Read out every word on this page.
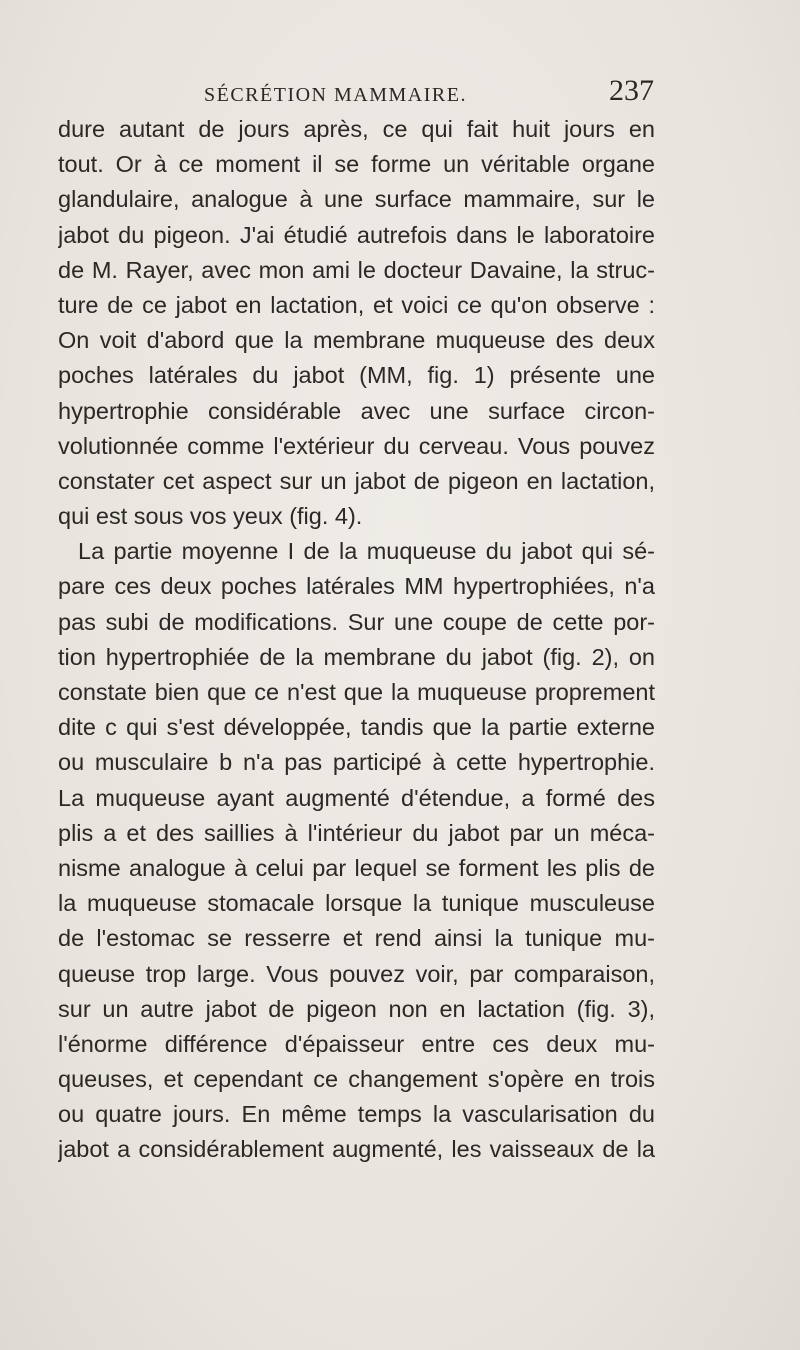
SÉCRÉTION MAMMAIRE.	237
dure autant de jours après, ce qui fait huit jours en
tout. Or à ce moment il se forme un véritable organe
glandulaire, analogue à une surface mammaire, sur le
jabot du pigeon. J'ai étudié autrefois dans le laboratoire
de M. Rayer, avec mon ami le docteur Davaine, la struc-
ture de ce jabot en lactation, et voici ce qu'on observe :
On voit d'abord que la membrane muqueuse des deux
poches latérales du jabot (MM, fig. 1) présente une
hypertrophie considérable avec une surface circon-
volutionnée comme l'extérieur du cerveau. Vous pouvez
constater cet aspect sur un jabot de pigeon en lactation,
qui est sous vos yeux (fig. 4).
La partie moyenne I de la muqueuse du jabot qui sé-
pare ces deux poches latérales MM hypertrophiées, n'a
pas subi de modifications. Sur une coupe de cette por-
tion hypertrophiée de la membrane du jabot (fig. 2), on
constate bien que ce n'est que la muqueuse proprement
dite c qui s'est développée, tandis que la partie externe
ou musculaire b n'a pas participé à cette hypertrophie.
La muqueuse ayant augmenté d'étendue, a formé des
plis a et des saillies à l'intérieur du jabot par un méca-
nisme analogue à celui par lequel se forment les plis de
la muqueuse stomacale lorsque la tunique musculeuse
de l'estomac se resserre et rend ainsi la tunique mu-
queuse trop large. Vous pouvez voir, par comparaison,
sur un autre jabot de pigeon non en lactation (fig. 3),
l'énorme différence d'épaisseur entre ces deux mu-
queuses, et cependant ce changement s'opère en trois
ou quatre jours. En même temps la vascularisation du
jabot a considérablement augmenté, les vaisseaux de la
